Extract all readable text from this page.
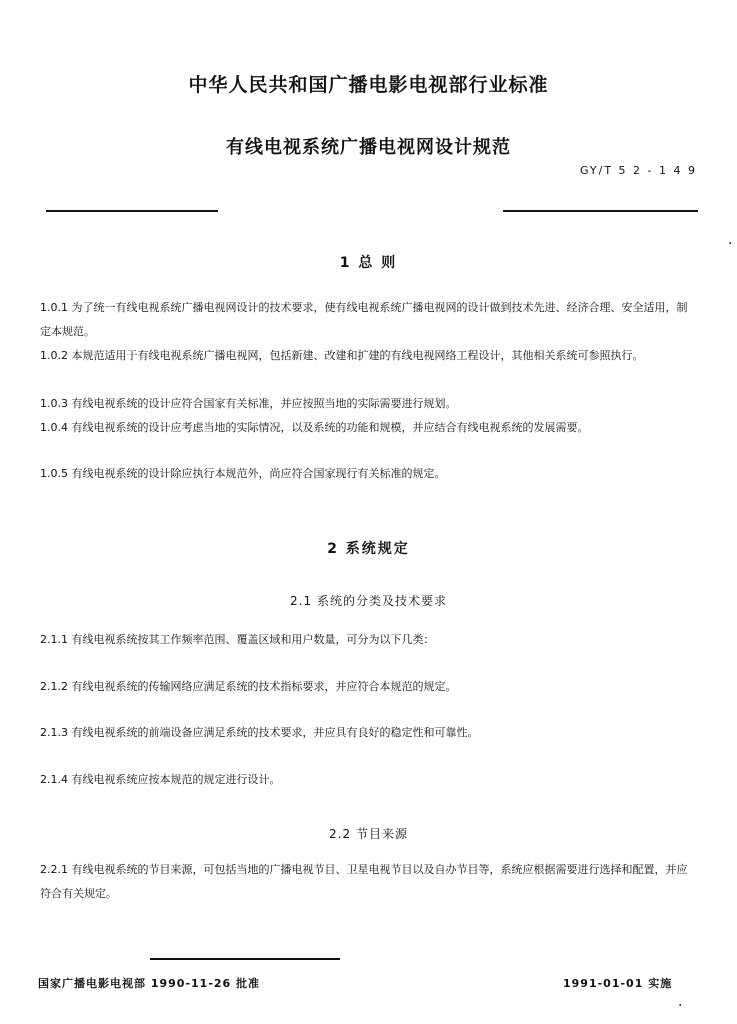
中华人民共和国广播电影电视部行业标准
有线电视系统广播电视网设计规范
GY/T 5 2 - 1 4 9
1 总 则
1.0.1 为了统一有线电视系统广播电视网设计的技术要求，使有线电视系统广播电视网的设计做到技术先进、经济合理、安全适用，制定本规范。
1.0.2 本规范适用于有线电视系统广播电视网，包括新建、改建和扩建的有线电视网络工程设计，其他相关系统可参照执行。
1.0.3 有线电视系统的设计应符合国家有关标准，并应按照当地的实际需要进行规划。
1.0.4 有线电视系统的设计应考虑当地的实际情况，以及系统的功能和规模，并应结合有线电视系统的发展需要。
1.0.5 有线电视系统的设计除应执行本规范外，尚应符合国家现行有关标准的规定。
2 系统规定
2.1 系统的分类及技术要求
2.1.1 有线电视系统按其工作频率范围、覆盖区域和用户数量，可分为以下几类：
2.1.2 有线电视系统的传输网络应满足系统的技术指标要求，并应符合本规范的规定。
2.1.3 有线电视系统的前端设备应满足系统的技术要求，并应具有良好的稳定性和可靠性。
2.1.4 有线电视系统应按本规范的规定进行设计。
2.2 节目来源
2.2.1 有线电视系统的节目来源，可包括当地的广播电视节目、卫星电视节目以及自办节目等，系统应根据需要进行选择和配置，并应符合有关规定。
国家广播电影电视部 1990-11-26 批准	1991-01-01 实施
·
·
